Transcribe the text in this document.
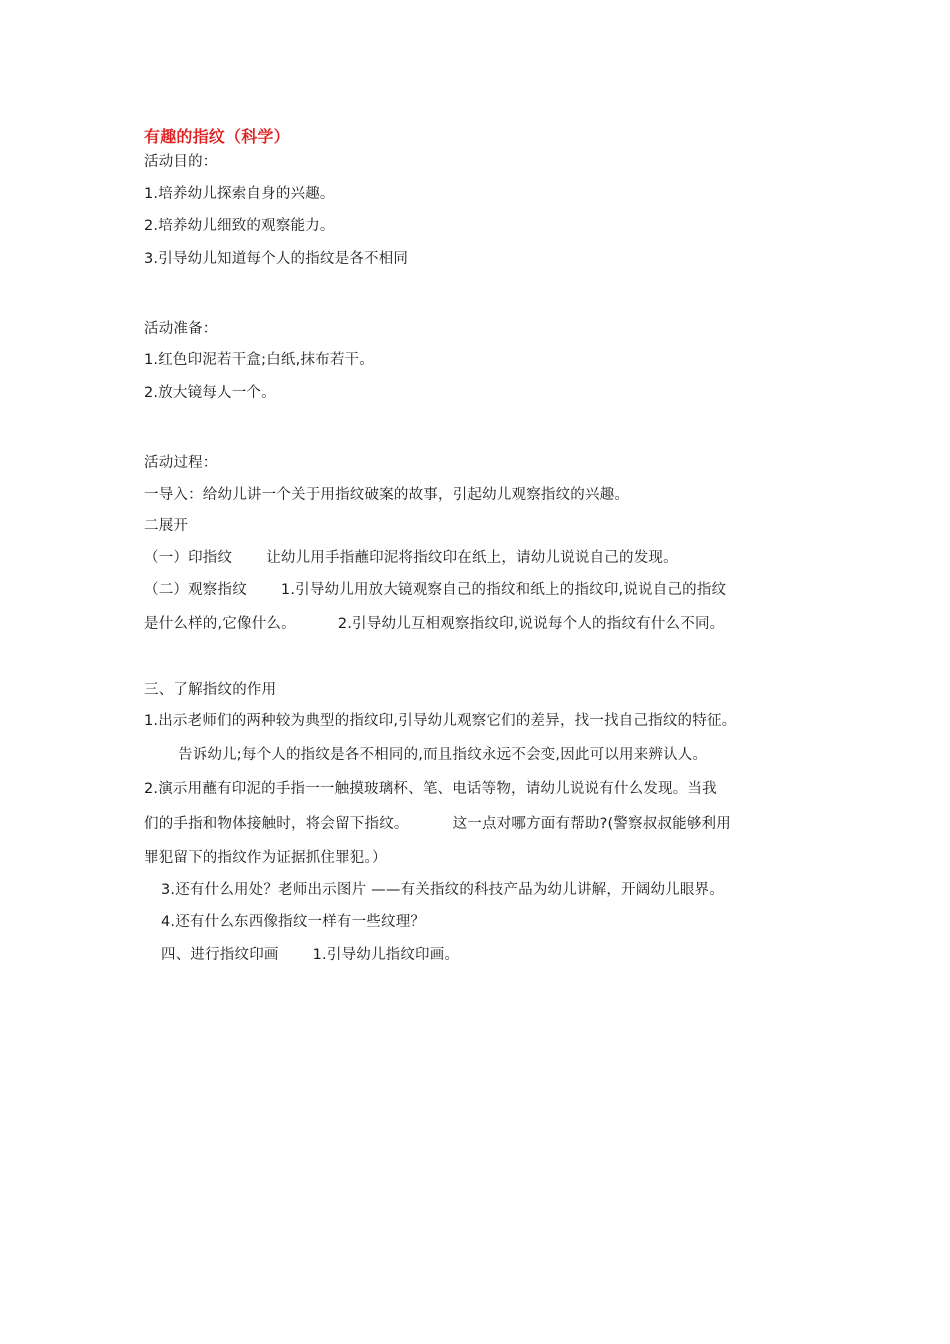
有趣的指纹（科学）
活动目的：
1.培养幼儿探索自身的兴趣。
2.培养幼儿细致的观察能力。
3.引导幼儿知道每个人的指纹是各不相同
活动准备：
1.红色印泥若干盒;白纸,抹布若干。
2.放大镜每人一个。
活动过程：
一导入：给幼儿讲一个关于用指纹破案的故事，引起幼儿观察指纹的兴趣。
二展开
（一）印指纹 让幼儿用手指蘸印泥将指纹印在纸上，请幼儿说说自己的发现。
（二）观察指纹 1.引导幼儿用放大镜观察自己的指纹和纸上的指纹印,说说自己的指纹
是什么样的,它像什么。	2.引导幼儿互相观察指纹印,说说每个人的指纹有什么不同。
三、了解指纹的作用
1.出示老师们的两种较为典型的指纹印,引导幼儿观察它们的差异，找一找自己指纹的特征。
告诉幼儿;每个人的指纹是各不相同的,而且指纹永远不会变,因此可以用来辨认人。
2.演示用蘸有印泥的手指一一触摸玻璃杯、笔、电话等物，请幼儿说说有什么发现。当我
们的手指和物体接触时，将会留下指纹。	这一点对哪方面有帮助?(警察叔叔能够利用
罪犯留下的指纹作为证据抓住罪犯。）
3.还有什么用处？老师出示图片 ——有关指纹的科技产品为幼儿讲解，开阔幼儿眼界。
4.还有什么东西像指纹一样有一些纹理？
四、进行指纹印画 1.引导幼儿指纹印画。
